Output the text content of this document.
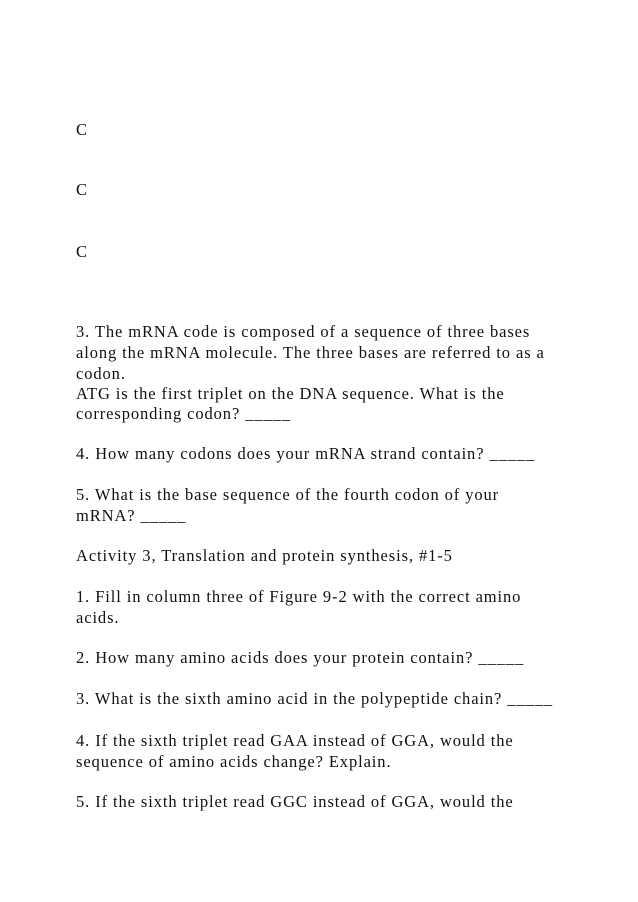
C
C
C
3. The mRNA code is composed of a sequence of three bases
along the mRNA molecule. The three bases are referred to as a
codon.
ATG is the first triplet on the DNA sequence. What is the
corresponding codon? _____
4. How many codons does your mRNA strand contain? _____
5. What is the base sequence of the fourth codon of your
mRNA? _____
Activity 3, Translation and protein synthesis, #1-5
1. Fill in column three of Figure 9-2 with the correct amino
acids.
2. How many amino acids does your protein contain? _____
3. What is the sixth amino acid in the polypeptide chain? _____
4. If the sixth triplet read GAA instead of GGA, would the
sequence of amino acids change? Explain.
5. If the sixth triplet read GGC instead of GGA, would the
